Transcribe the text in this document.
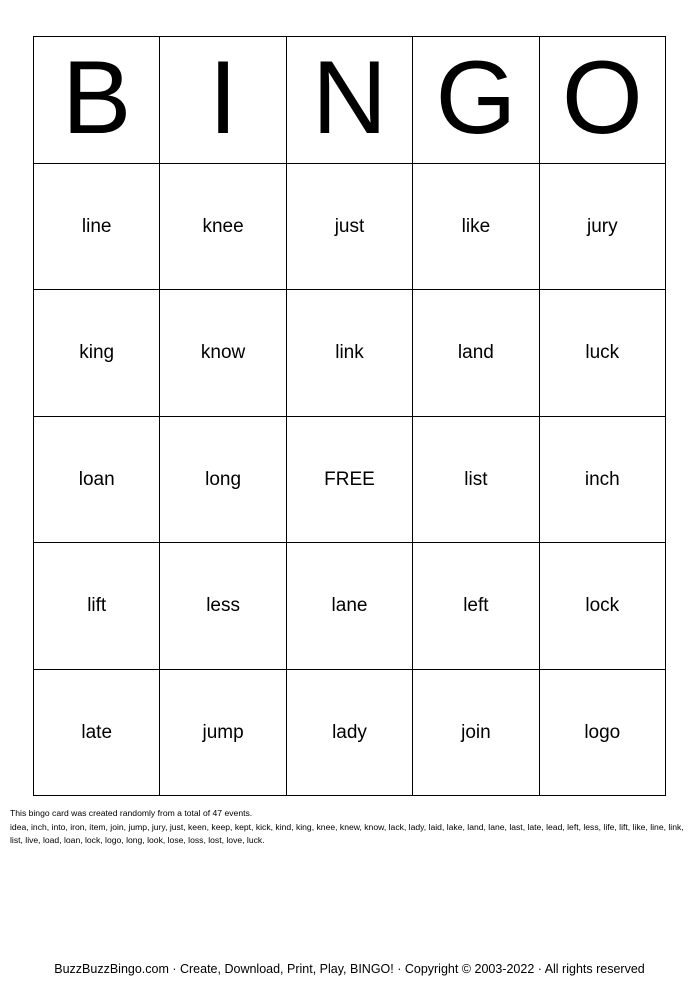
B I N G O
line	knee	just	like	jury
king	know	link	land	luck
loan	long	FREE	list	inch
lift	less	lane	left	lock
late	jump	lady	join	logo
This bingo card was created randomly from a total of 47 events.
idea, inch, into, iron, item, join, jump, jury, just, keen, keep, kept, kick, kind, king, knee, knew, know, lack, lady, laid, lake, land, lane, last, late, lead, left, less, life, lift, like, line, link, list, live, load, loan, lock, logo, long, look, lose, loss, lost, love, luck.
BuzzBuzzBingo.com · Create, Download, Print, Play, BINGO! · Copyright © 2003-2022 · All rights reserved
